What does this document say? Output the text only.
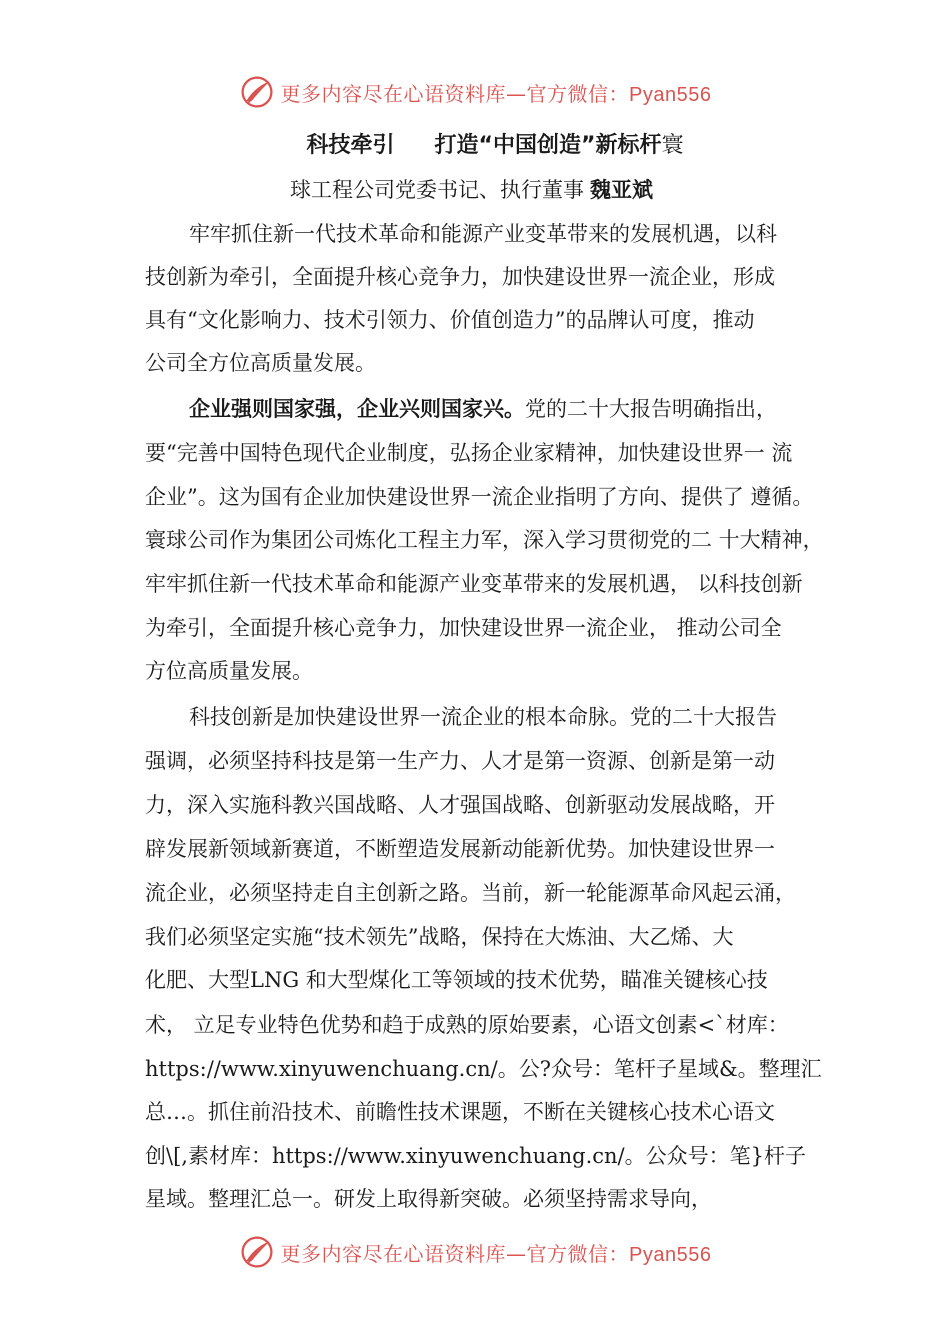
更多内容尽在心语资料库—官方微信：Pyan556
科技牵引 打造“中国创造”新标杆寰
球工程公司党委书记、执行董事 魏亚斌
牢牢抓住新一代技术革命和能源产业变革带来的发展机遇，以科
技创新为牵引，全面提升核心竞争力，加快建设世界一流企业，形成
具有“文化影响力、技术引领力、价值创造力”的品牌认可度，推动
公司全方位高质量发展。
企业强则国家强，企业兴则国家兴。党的二十大报告明确指出，
要“完善中国特色现代企业制度，弘扬企业家精神，加快建设世界一 流
企业”。这为国有企业加快建设世界一流企业指明了方向、提供了 遵循。
寰球公司作为集团公司炼化工程主力军，深入学习贯彻党的二 十大精神，
牢牢抓住新一代技术革命和能源产业变革带来的发展机遇， 以科技创新
为牵引，全面提升核心竞争力，加快建设世界一流企业， 推动公司全
方位高质量发展。
科技创新是加快建设世界一流企业的根本命脉。党的二十大报告
强调，必须坚持科技是第一生产力、人才是第一资源、创新是第一动
力，深入实施科教兴国战略、人才强国战略、创新驱动发展战略，开
辟发展新领域新赛道，不断塑造发展新动能新优势。加快建设世界一
流企业，必须坚持走自主创新之路。当前，新一轮能源革命风起云涌，
我们必须坚定实施“技术领先”战略，保持在大炼油、大乙烯、大
化肥、大型LNG 和大型煤化工等领域的技术优势，瞄准关键核心技
术， 立足专业特色优势和趋于成熟的原始要素，心语文创素<`材库：
https://www.xinyuwenchuang.cn/。公?众号：笔杆子星域&。整理汇
总…。抓住前沿技术、前瞻性技术课题，不断在关键核心技术心语文
创\[,素材库：https://www.xinyuwenchuang.cn/。公众号：笔}杆子
星域。整理汇总一。研发上取得新突破。必须坚持需求导向，
更多内容尽在心语资料库—官方微信：Pyan556
